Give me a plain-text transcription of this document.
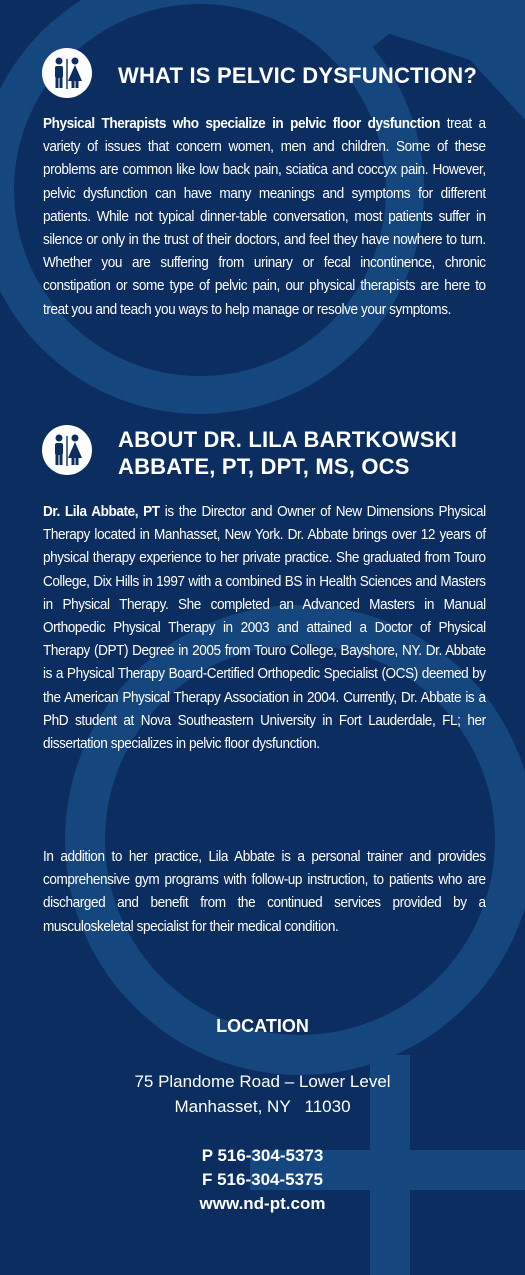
WHAT IS PELVIC DYSFUNCTION?
Physical Therapists who specialize in pelvic floor dysfunction treat a variety of issues that concern women, men and children. Some of these problems are common like low back pain, sciatica and coccyx pain. However, pelvic dysfunction can have many meanings and symptoms for different patients. While not typical dinner-table conversation, most patients suffer in silence or only in the trust of their doctors, and feel they have nowhere to turn. Whether you are suffering from urinary or fecal incontinence, chronic constipation or some type of pelvic pain, our physical therapists are here to treat you and teach you ways to help manage or resolve your symptoms.
ABOUT DR. LILA BARTKOWSKI
ABBATE, PT, DPT, MS, OCS
Dr. Lila Abbate, PT is the Director and Owner of New Dimensions Physical Therapy located in Manhasset, New York. Dr. Abbate brings over 12 years of physical therapy experience to her private practice. She graduated from Touro College, Dix Hills in 1997 with a combined BS in Health Sciences and Masters in Physical Therapy. She completed an Advanced Masters in Manual Orthopedic Physical Therapy in 2003 and attained a Doctor of Physical Therapy (DPT) Degree in 2005 from Touro College, Bayshore, NY. Dr. Abbate is a Physical Therapy Board-Certified Orthopedic Specialist (OCS) deemed by the American Physical Therapy Association in 2004. Currently, Dr. Abbate is a PhD student at Nova Southeastern University in Fort Lauderdale, FL; her dissertation specializes in pelvic floor dysfunction.
In addition to her practice, Lila Abbate is a personal trainer and provides comprehensive gym programs with follow-up instruction, to patients who are discharged and benefit from the continued services provided by a musculoskeletal specialist for their medical condition.
LOCATION
75 Plandome Road – Lower Level
Manhasset, NY   11030
P 516-304-5373
F 516-304-5375
www.nd-pt.com
